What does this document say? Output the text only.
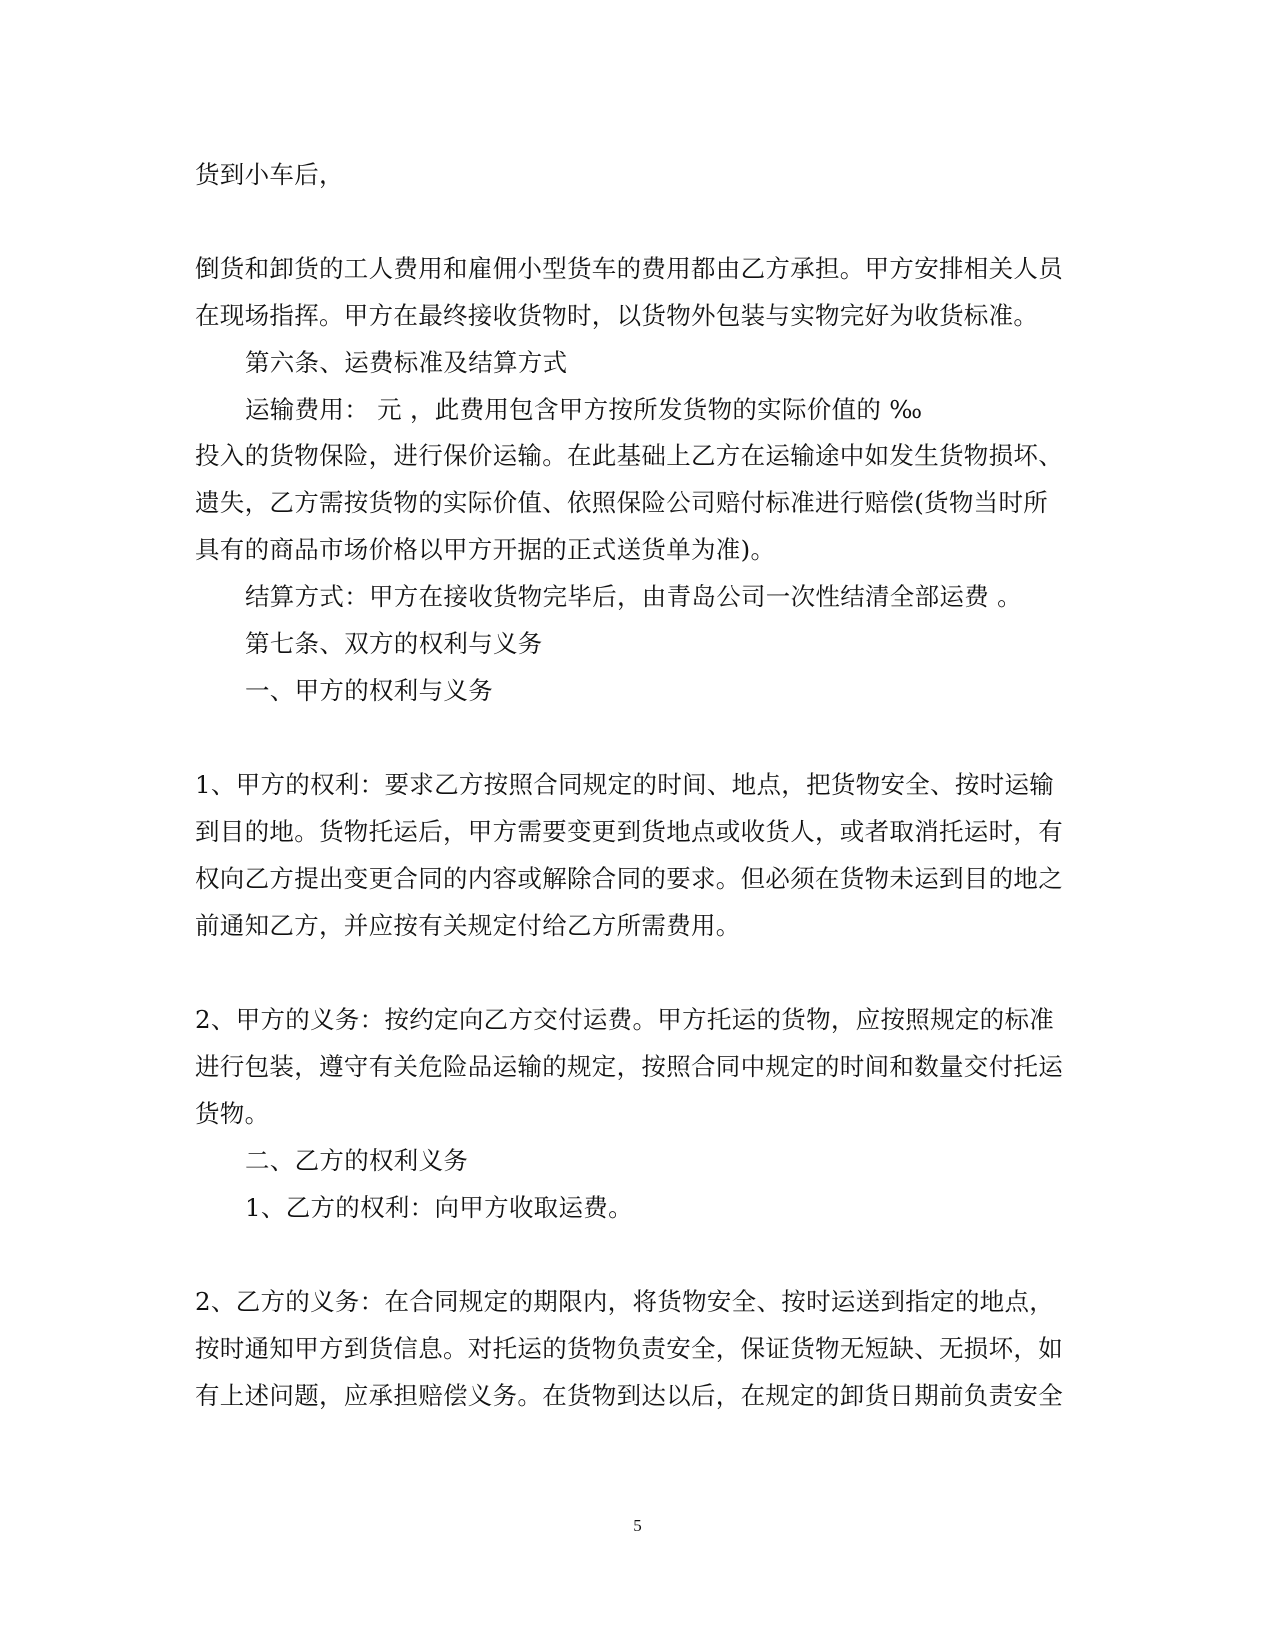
货到小车后，
倒货和卸货的工人费用和雇佣小型货车的费用都由乙方承担。甲方安排相关人员
在现场指挥。甲方在最终接收货物时，以货物外包装与实物完好为收货标准。
第六条、运费标准及结算方式
运输费用： 元 ，此费用包含甲方按所发货物的实际价值的 ‰
投入的货物保险，进行保价运输。在此基础上乙方在运输途中如发生货物损坏、
遗失，乙方需按货物的实际价值、依照保险公司赔付标准进行赔偿(货物当时所
具有的商品市场价格以甲方开据的正式送货单为准)。
结算方式：甲方在接收货物完毕后，由青岛公司一次性结清全部运费 。
第七条、双方的权利与义务
一、甲方的权利与义务
1、甲方的权利：要求乙方按照合同规定的时间、地点，把货物安全、按时运输
到目的地。货物托运后，甲方需要变更到货地点或收货人，或者取消托运时，有
权向乙方提出变更合同的内容或解除合同的要求。但必须在货物未运到目的地之
前通知乙方，并应按有关规定付给乙方所需费用。
2、甲方的义务：按约定向乙方交付运费。甲方托运的货物，应按照规定的标准
进行包装，遵守有关危险品运输的规定，按照合同中规定的时间和数量交付托运
货物。
二、乙方的权利义务
1、乙方的权利：向甲方收取运费。
2、乙方的义务：在合同规定的期限内，将货物安全、按时运送到指定的地点，
按时通知甲方到货信息。对托运的货物负责安全，保证货物无短缺、无损坏，如
有上述问题，应承担赔偿义务。在货物到达以后，在规定的卸货日期前负责安全
5
